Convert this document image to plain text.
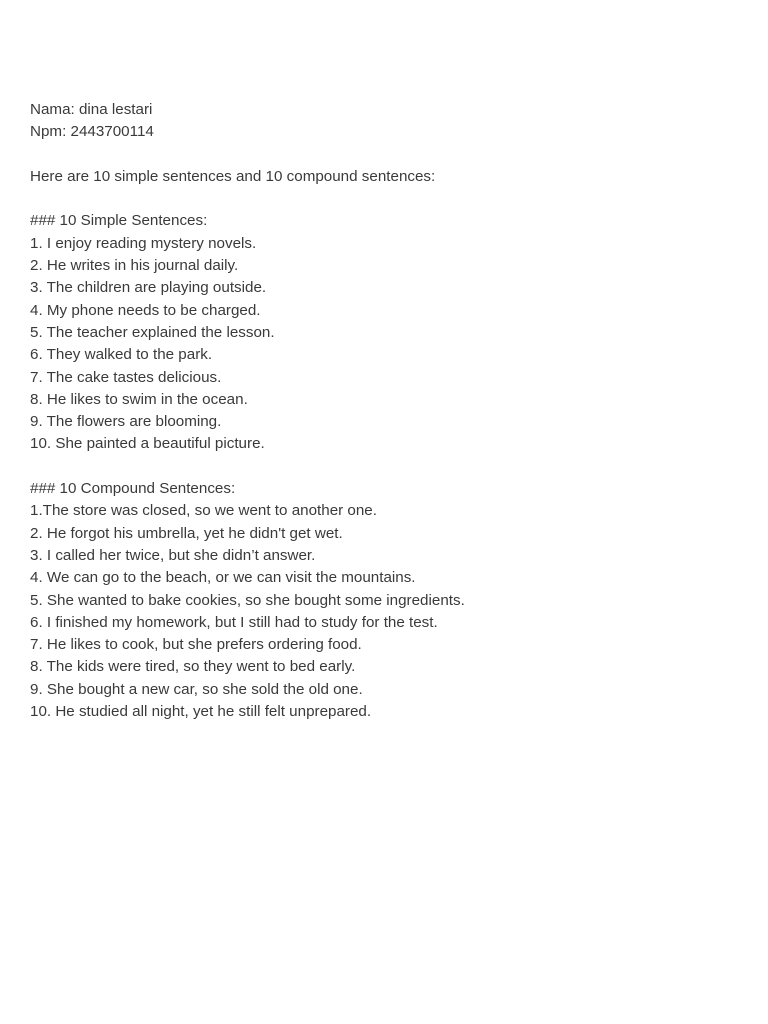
Nama: dina lestari
Npm: 2443700114
Here are 10 simple sentences and 10 compound sentences:
### 10 Simple Sentences:
1. I enjoy reading mystery novels.
2. He writes in his journal daily.
3. The children are playing outside.
4. My phone needs to be charged.
5. The teacher explained the lesson.
6. They walked to the park.
7. The cake tastes delicious.
8. He likes to swim in the ocean.
9. The flowers are blooming.
10. She painted a beautiful picture.
### 10 Compound Sentences:
1.The store was closed, so we went to another one.
2. He forgot his umbrella, yet he didn't get wet.
3. I called her twice, but she didn’t answer.
4. We can go to the beach, or we can visit the mountains.
5. She wanted to bake cookies, so she bought some ingredients.
6. I finished my homework, but I still had to study for the test.
7. He likes to cook, but she prefers ordering food.
8. The kids were tired, so they went to bed early.
9. She bought a new car, so she sold the old one.
10. He studied all night, yet he still felt unprepared.
